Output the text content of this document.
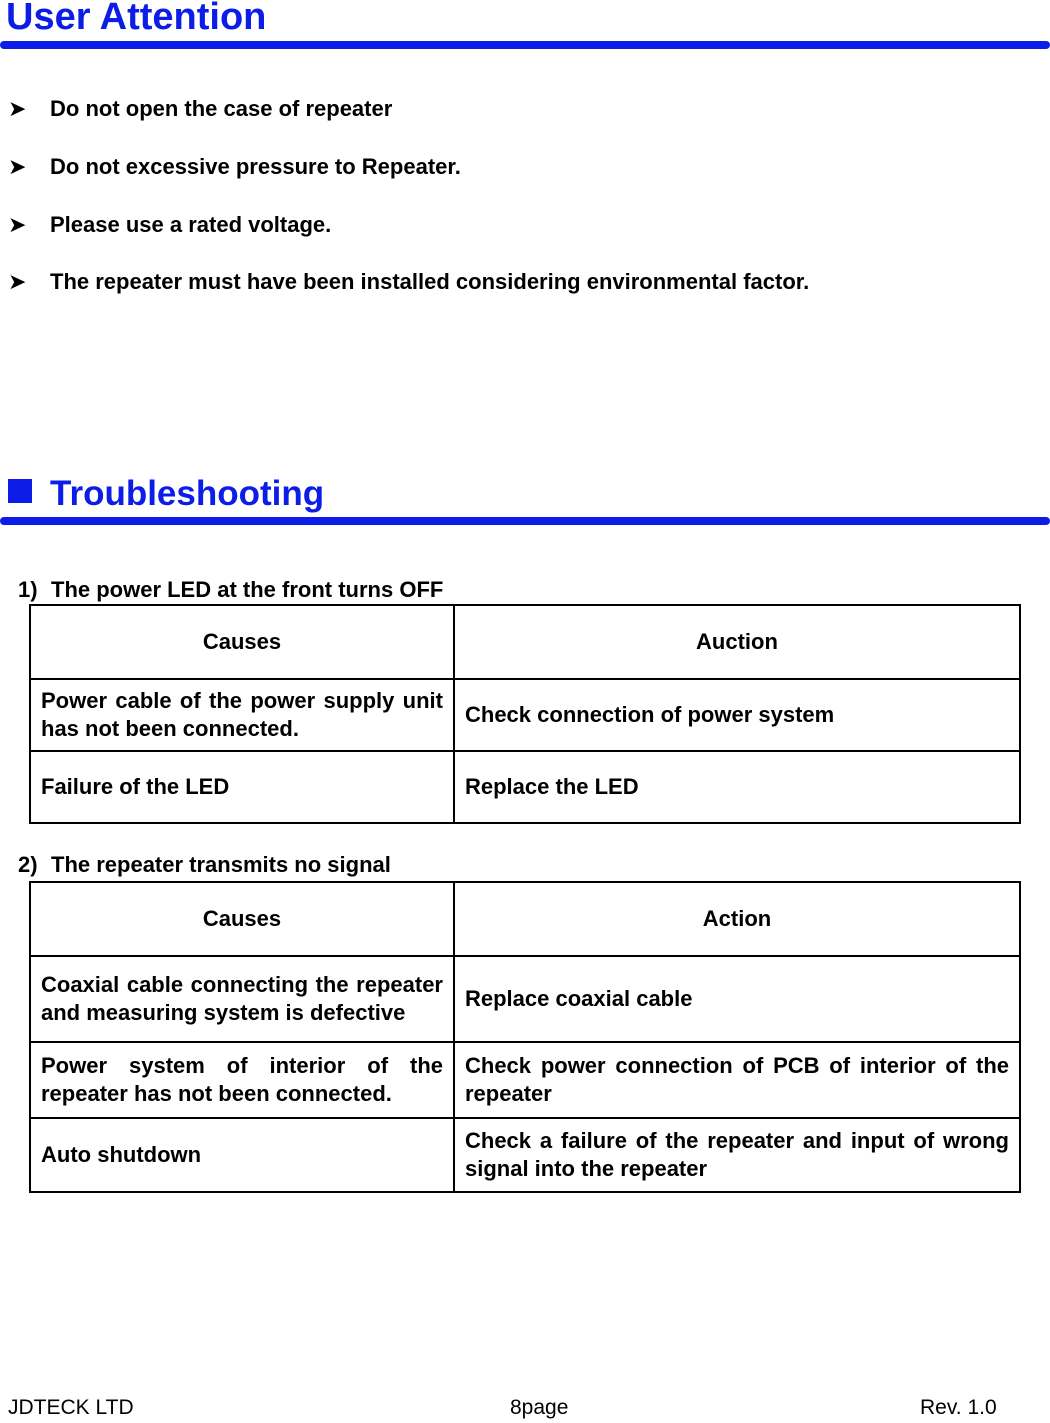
User Attention
➤ Do not open the case of repeater
➤ Do not excessive pressure to Repeater.
➤ Please use a rated voltage.
➤ The repeater must have been installed considering environmental factor.
Troubleshooting
1) The power LED at the front turns OFF
Causes	Auction
Power cable of the power supply unit has not been connected.	Check connection of power system
Failure of the LED	Replace the LED
2) The repeater transmits no signal
Causes	Action
Coaxial cable connecting the repeater and measuring system is defective	Replace coaxial cable
Power system of interior of the repeater has not been connected.	Check power connection of PCB of interior of the repeater
Auto shutdown	Check a failure of the repeater and input of wrong signal into the repeater
JDTECK LTD	8page	Rev. 1.0
